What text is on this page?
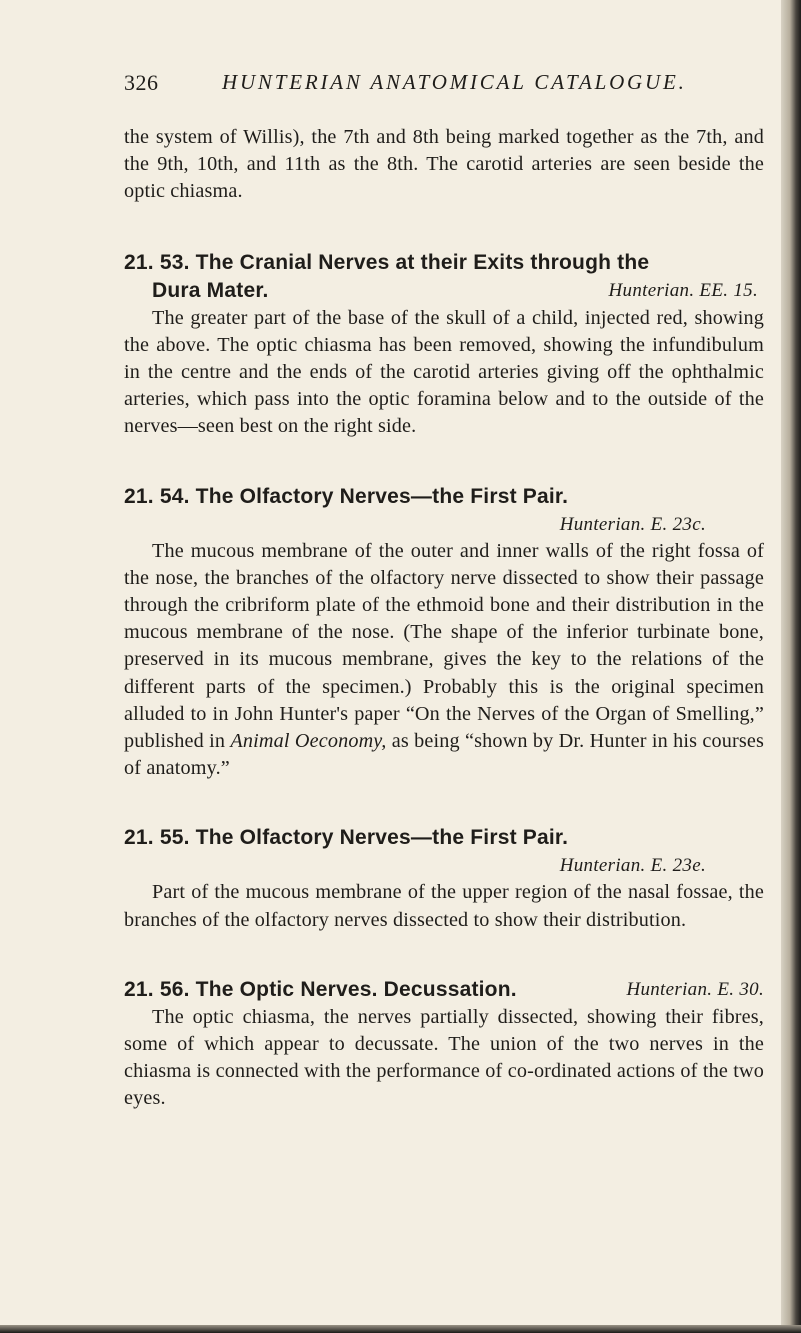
326	HUNTERIAN ANATOMICAL CATALOGUE.

the system of Willis), the 7th and 8th being marked together as the 7th, and the 9th, 10th, and 11th as the 8th. The carotid arteries are seen beside the optic chiasma.

21. 53. The Cranial Nerves at their Exits through the
Dura Mater.	Hunterian. EE. 15.

The greater part of the base of the skull of a child, injected red, showing the above. The optic chiasma has been removed, showing the infundibulum in the centre and the ends of the carotid arteries giving off the ophthalmic arteries, which pass into the optic foramina below and to the outside of the nerves—seen best on the right side.

21. 54. The Olfactory Nerves—the First Pair.
Hunterian. E. 23c.

The mucous membrane of the outer and inner walls of the right fossa of the nose, the branches of the olfactory nerve dissected to show their passage through the cribriform plate of the ethmoid bone and their distribution in the mucous membrane of the nose. (The shape of the inferior turbinate bone, preserved in its mucous membrane, gives the key to the relations of the different parts of the specimen.) Probably this is the original specimen alluded to in John Hunter's paper “On the Nerves of the Organ of Smelling,” published in Animal Oeconomy, as being “shown by Dr. Hunter in his courses of anatomy.”

21. 55. The Olfactory Nerves—the First Pair.
Hunterian. E. 23e.

Part of the mucous membrane of the upper region of the nasal fossae, the branches of the olfactory nerves dissected to show their distribution.

21. 56. The Optic Nerves. Decussation.	Hunterian. E. 30.

The optic chiasma, the nerves partially dissected, showing their fibres, some of which appear to decussate. The union of the two nerves in the chiasma is connected with the performance of co-ordinated actions of the two eyes.
